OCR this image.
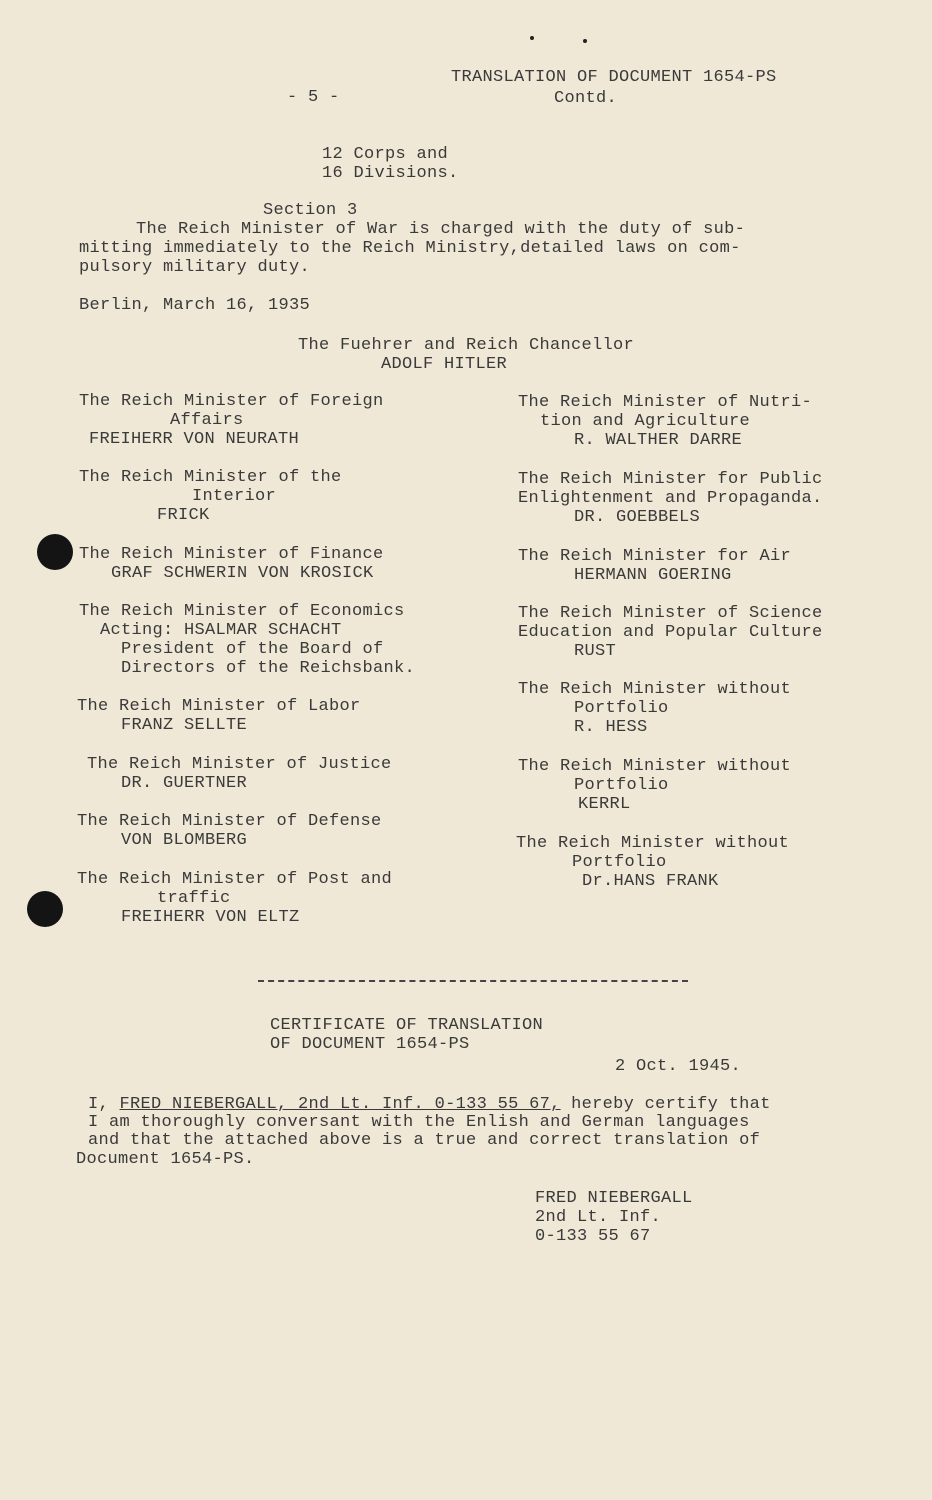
- 5 -
TRANSLATION OF DOCUMENT 1654-PS
Contd.
12 Corps and
16 Divisions.
Section 3
The Reich Minister of War is charged with the duty of sub-
mitting immediately to the Reich Ministry,detailed laws on com-
pulsory military duty.
Berlin, March 16, 1935
The Fuehrer and Reich Chancellor
ADOLF HITLER
The Reich Minister of Foreign
Affairs
FREIHERR VON NEURATH
The Reich Minister of the
Interior
FRICK
The Reich Minister of Finance
GRAF SCHWERIN VON KROSICK
The Reich Minister of Economics
Acting: HSALMAR SCHACHT
President of the Board of
Directors of the Reichsbank.
The Reich Minister of Labor
FRANZ SELLTE
The Reich Minister of Justice
DR. GUERTNER
The Reich Minister of Defense
VON BLOMBERG
The Reich Minister of Post and
traffic
FREIHERR VON ELTZ
The Reich Minister of Nutri-
tion and Agriculture
R. WALTHER DARRE
The Reich Minister for Public
Enlightenment and Propaganda.
DR. GOEBBELS
The Reich Minister for Air
HERMANN GOERING
The Reich Minister of Science
Education and Popular Culture
RUST
The Reich Minister without
Portfolio
R. HESS
The Reich Minister without
Portfolio
KERRL
The Reich Minister without
Portfolio
Dr.HANS FRANK
CERTIFICATE OF TRANSLATION
OF DOCUMENT 1654-PS
2 Oct. 1945.
I, FRED NIEBERGALL, 2nd Lt. Inf. 0-133 55 67, hereby certify that
I am thoroughly conversant with the Enlish and German languages
and that the attached above is a true and correct translation of
Document 1654-PS.
FRED NIEBERGALL
2nd Lt. Inf.
0-133 55 67
